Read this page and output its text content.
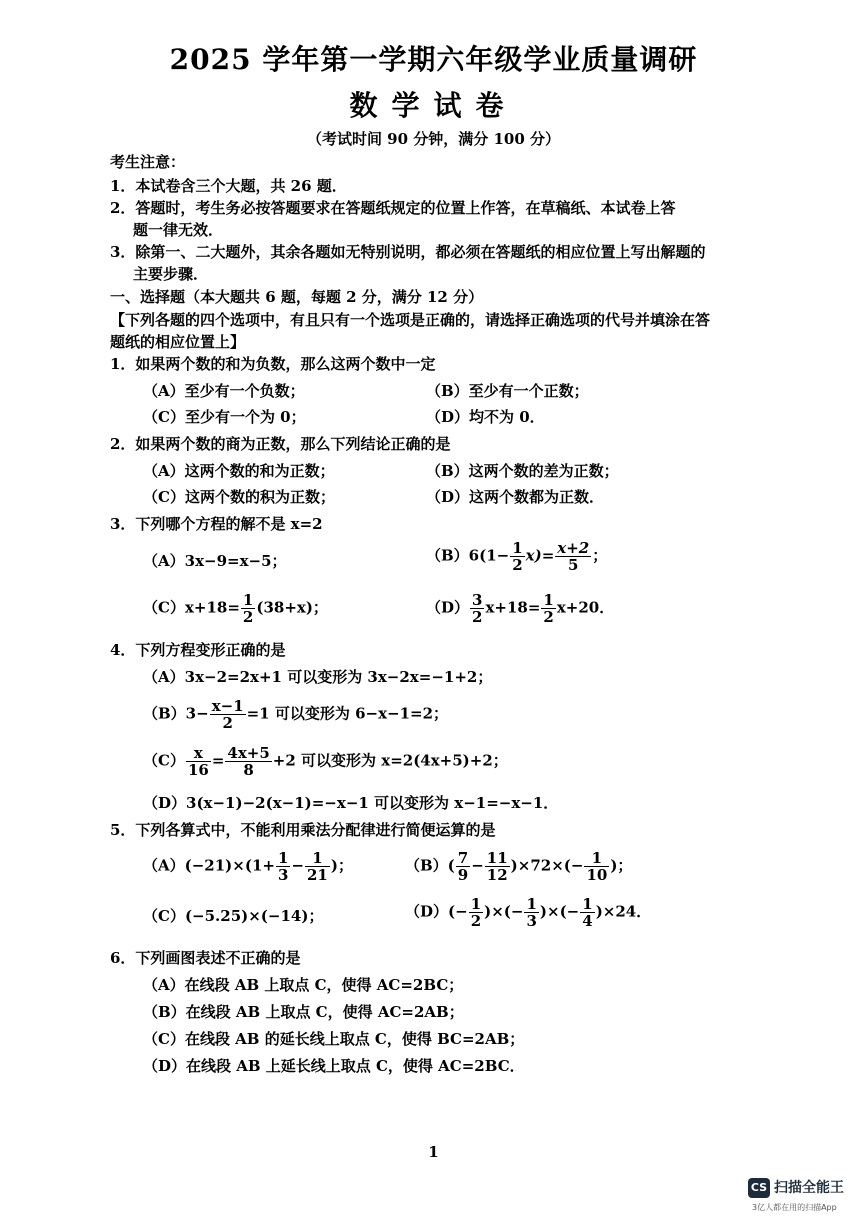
2025 学年第一学期六年级学业质量调研
数学试卷
（考试时间 90 分钟，满分 100 分）
考生注意：
1．本试卷含三个大题，共 26 题．
2．答题时，考生务必按答题要求在答题纸规定的位置上作答，在草稿纸、本试卷上答
题一律无效．
3．除第一、二大题外，其余各题如无特别说明，都必须在答题纸的相应位置上写出解题的
主要步骤．
一、选择题（本大题共 6 题，每题 2 分，满分 12 分）
【下列各题的四个选项中，有且只有一个选项是正确的，请选择正确选项的代号并填涂在答
题纸的相应位置上】
1．如果两个数的和为负数，那么这两个数中一定
（A）至少有一个负数；	（B）至少有一个正数；
（C）至少有一个为 0；	（D）均不为 0．
2．如果两个数的商为正数，那么下列结论正确的是
（A）这两个数的和为正数；	（B）这两个数的差为正数；
（C）这两个数的积为正数；	（D）这两个数都为正数．
3．下列哪个方程的解不是 x=2
（A）3x−9=x−5；	$(B)6(1- \frac{1}{2} x)= \frac{x+2}{5}$ ；
$(C)x+18= \frac{1}{2} (38+x)$；	$(D) \frac{3}{2} x+18= \frac{1}{2} x+20$．
4．下列方程变形正确的是
（A）3x−2=2x+1 可以变形为 3x−2x=−1+2；
$(B)3- \frac{x-1}{2} =1$ 可以变形为 6−x−1=2；
$(C) \frac{x}{16} = \frac{4x+5}{8} +2$ 可以变形为 x=2(4x+5)+2；
（D）3(x−1)−2(x−1)=−x−1 可以变形为 x−1=−x−1．
5．下列各算式中，不能利用乘法分配律进行简便运算的是
$(A)(-21)\times(1+ \frac{1}{3} - \frac{1}{21}$ )；	$(B)( \frac{7}{9} - \frac{11}{12} )\times 72\times(- \frac{1}{10}$ )；
（C）(−5.25)×(−14)；	$(D)(- \frac{1}{2}$ )×(− $\frac{1}{3}$ )×(− $\frac{1}{4} )\times 24$．
6．下列画图表述不正确的是
（A）在线段 AB 上取点 C，使得 AC=2BC；
（B）在线段 AB 上取点 C，使得 AC=2AB；
（C）在线段 AB 的延长线上取点 C，使得 BC=2AB；
（D）在线段 AB 上延长线上取点 C，使得 AC=2BC．
1
CS 扫描全能王
3亿人都在用的扫描App
